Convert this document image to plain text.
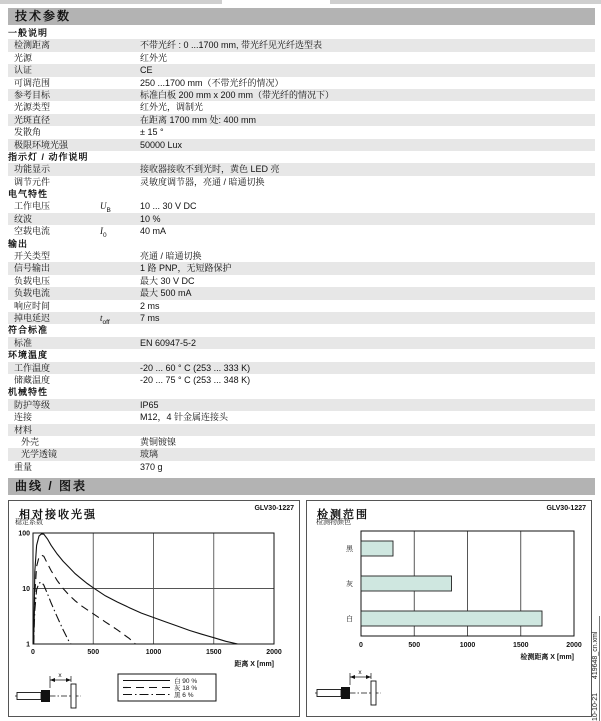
技术参数
一般说明
检测距离	不带光纤 : 0 ...1700 mm, 带光纤见光纤选型表
光源	红外光
认证	CE
可调范围	250 ...1700 mm（不带光纤的情况）
参考目标	标准白板 200 mm x 200 mm（带光纤的情况下）
光源类型	红外光，调制光
光斑直径	在距离 1700 mm 处: 400 mm
发散角	± 15 °
极限环境光强	50000 Lux
指示灯 / 动作说明
功能显示	接收器接收不到光时，黄色 LED 亮
调节元件	灵敏度调节器，亮通 / 暗通切换
电气特性
工作电压	$U_B$	10 ... 30 V DC
纹波	10 %
空载电流	$I_0$	40 mA
输出
开关类型	亮通 / 暗通切换
信号输出	1 路 PNP，无短路保护
负载电压	最大 30 V DC
负载电流	最大 500 mA
响应时间	2 ms
掉电延迟	$t_{off}$	7 ms
符合标准
标准	EN 60947-5-2
环境温度
工作温度	-20 ... 60 ° C (253 ... 333 K)
储藏温度	-20 ... 75 ° C (253 ... 348 K)
机械特性
防护等级	IP65
连接	M12，4 针金属连接头
材料
外壳	黄铜镀镍
光学透镜	玻璃
重量	370 g
曲线 / 图表
相对接收光强
GLV30-1227
稳定系数
100
10
1
0	500	1000	1500	2000
距离 X [mm]
白 90 %
灰 18 %
黑 6 %
x
检测范围
GLV30-1227
检测物颜色
黑
灰
白
0	500	1000	1500	2000
检测距离 X [mm]
x
10-10-21  419648_cn.xml
